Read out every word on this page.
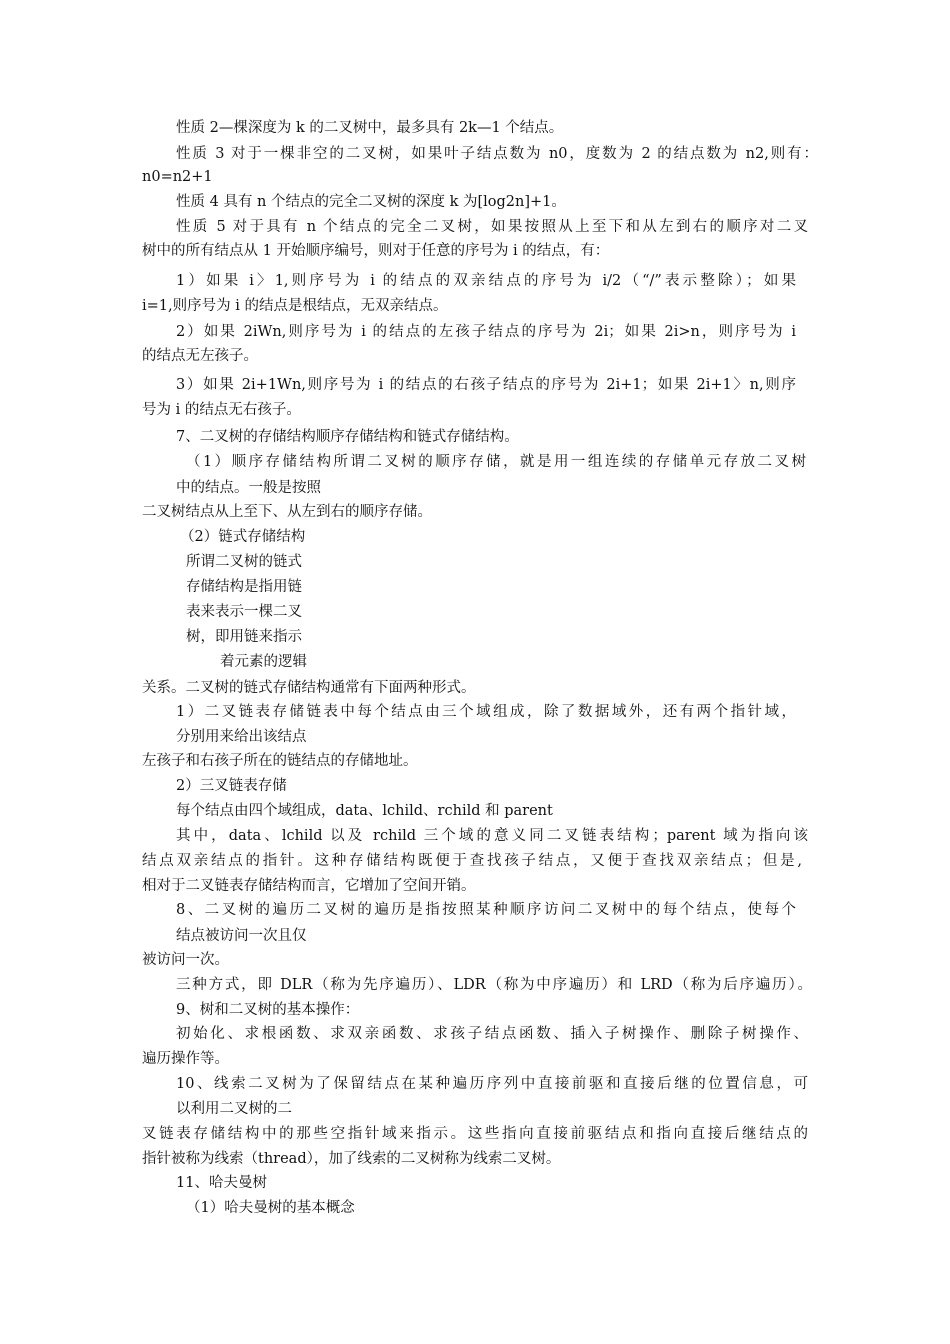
性质 2—棵深度为 k 的二叉树中，最多具有 2k—1 个结点。
性质 3 对于一棵非空的二叉树，如果叶子结点数为 n0，度数为 2 的结点数为 n2,则有：
n0=n2+1
性质 4 具有 n 个结点的完全二叉树的深度 k 为[log2n]+1。
性质 5 对于具有 n 个结点的完全二叉树，如果按照从上至下和从左到右的顺序对二叉
树中的所有结点从 1 开始顺序编号，则对于任意的序号为 i 的结点，有：
1）如果 i〉1,则序号为 i 的结点的双亲结点的序号为 i/2（“/”表示整除）；如果
i=1,则序号为 i 的结点是根结点，无双亲结点。
2）如果 2iWn,则序号为 i 的结点的左孩子结点的序号为 2i；如果 2i>n，则序号为 i
的结点无左孩子。
3）如果 2i+1Wn,则序号为 i 的结点的右孩子结点的序号为 2i+1；如果 2i+1〉n,则序
号为 i 的结点无右孩子。
7、二叉树的存储结构顺序存储结构和链式存储结构。
（1）顺序存储结构所谓二叉树的顺序存储，就是用一组连续的存储单元存放二叉树
中的结点。一般是按照
二叉树结点从上至下、从左到右的顺序存储。
（2）链式存储结构
所谓二叉树的链式
存储结构是指用链
表来表示一棵二叉
树，即用链来指示
着元素的逻辑
关系。二叉树的链式存储结构通常有下面两种形式。
1）二叉链表存储链表中每个结点由三个域组成，除了数据域外，还有两个指针域，
分别用来给出该结点
左孩子和右孩子所在的链结点的存储地址。
2）三叉链表存储
每个结点由四个域组成，data、lchild、rchild 和 parent
其中，data、lchild 以及 rchild 三个域的意义同二叉链表结构；parent 域为指向该
结点双亲结点的指针。这种存储结构既便于查找孩子结点，又便于查找双亲结点；但是,
相对于二叉链表存储结构而言，它增加了空间开销。
8、二叉树的遍历二叉树的遍历是指按照某种顺序访问二叉树中的每个结点，使每个
结点被访问一次且仅
被访问一次。
三种方式，即 DLR（称为先序遍历）、LDR（称为中序遍历）和 LRD（称为后序遍历）。
9、树和二叉树的基本操作：
初始化、求根函数、求双亲函数、求孩子结点函数、插入子树操作、删除子树操作、
遍历操作等。
10、线索二叉树为了保留结点在某种遍历序列中直接前驱和直接后继的位置信息，可
以利用二叉树的二
叉链表存储结构中的那些空指针域来指示。这些指向直接前驱结点和指向直接后继结点的
指针被称为线索（thread），加了线索的二叉树称为线索二叉树。
11、哈夫曼树
（1）哈夫曼树的基本概念
